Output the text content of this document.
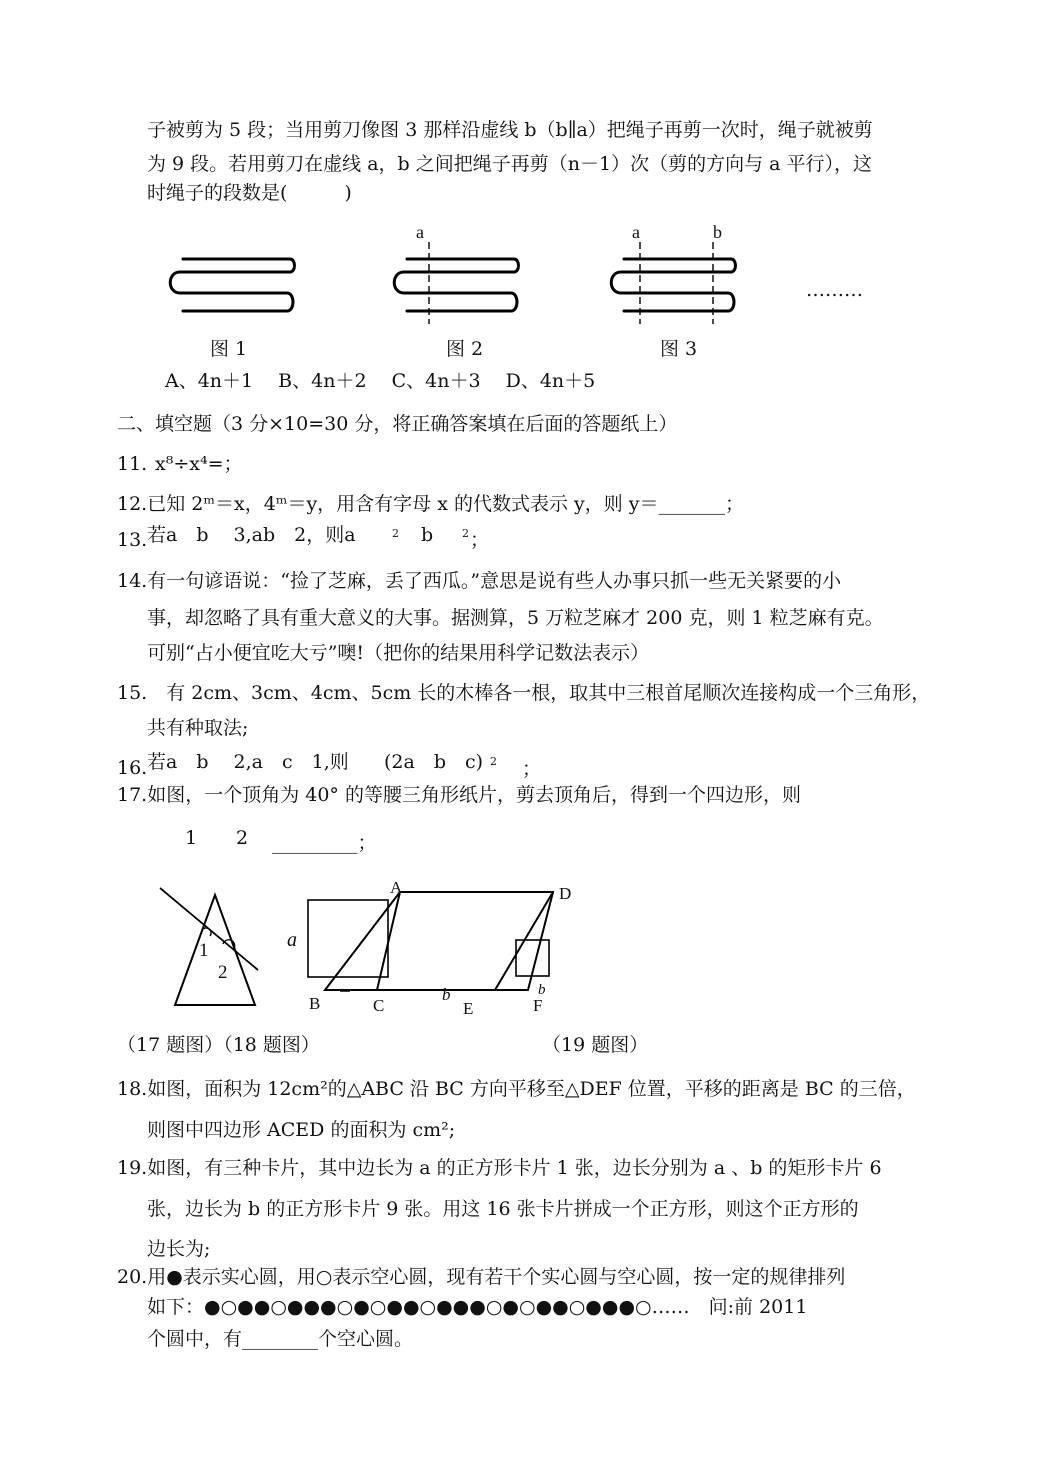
子被剪为 5 段；当用剪刀像图 3 那样沿虚线 b（b∥a）把绳子再剪一次时，绳子就被剪
为 9 段。若用剪刀在虚线 a，b 之间把绳子再剪（n－1）次（剪的方向与 a 平行），这
时绳子的段数是(　　　)
a	a	b
………
图 1	图 2	图 3
A、4n＋1　 B、4n＋2　 C、4n＋3　 D、4n＋5
二、填空题（3 分×10=30 分，将正确答案填在后面的答题纸上）
11. x⁸÷x⁴=；
12.已知 2ᵐ＝x，4ᵐ＝y，用含有字母 x 的代数式表示 y，则 y＝_______；
13. 若a　b　 3,ab　2，则a	2 　b	2 ；
14.有一句谚语说：“捡了芝麻，丢了西瓜。”意思是说有些人办事只抓一些无关紧要的小
事，却忽略了具有重大意义的大事。据测算，5 万粒芝麻才 200 克，则 1 粒芝麻有克。
可别“占小便宜吃大亏”噢!（把你的结果用科学记数法表示）
15.　有 2cm、3cm、4cm、5cm 长的木棒各一根，取其中三根首尾顺次连接构成一个三角形，
共有种取法;
16. 若a　b　 2,a　c　1,则 (2a　b　c) 2 ；
17.如图，一个顶角为 40° 的等腰三角形纸片，剪去顶角后，得到一个四边形，则
1 2 _________；
1
2
A	D
a
B	C
b
E	F
b
（17 题图）（18 题图）	（19 题图）
18.如图，面积为 12cm²的△ABC 沿 BC 方向平移至△DEF 位置，平移的距离是 BC 的三倍，
则图中四边形 ACED 的面积为 cm²;
19.如图，有三种卡片，其中边长为 a 的正方形卡片 1 张，边长分别为 a 、b 的矩形卡片 6
张，边长为 b 的正方形卡片 9 张。用这 16 张卡片拼成一个正方形，则这个正方形的
边长为;
20.用●表示实心圆，用○表示空心圆，现有若干个实心圆与空心圆，按一定的规律排列
如下：●○●●○●●●○●○●●○●●●○●○●●○●●●○……　问:前 2011
个圆中，有________个空心圆。
